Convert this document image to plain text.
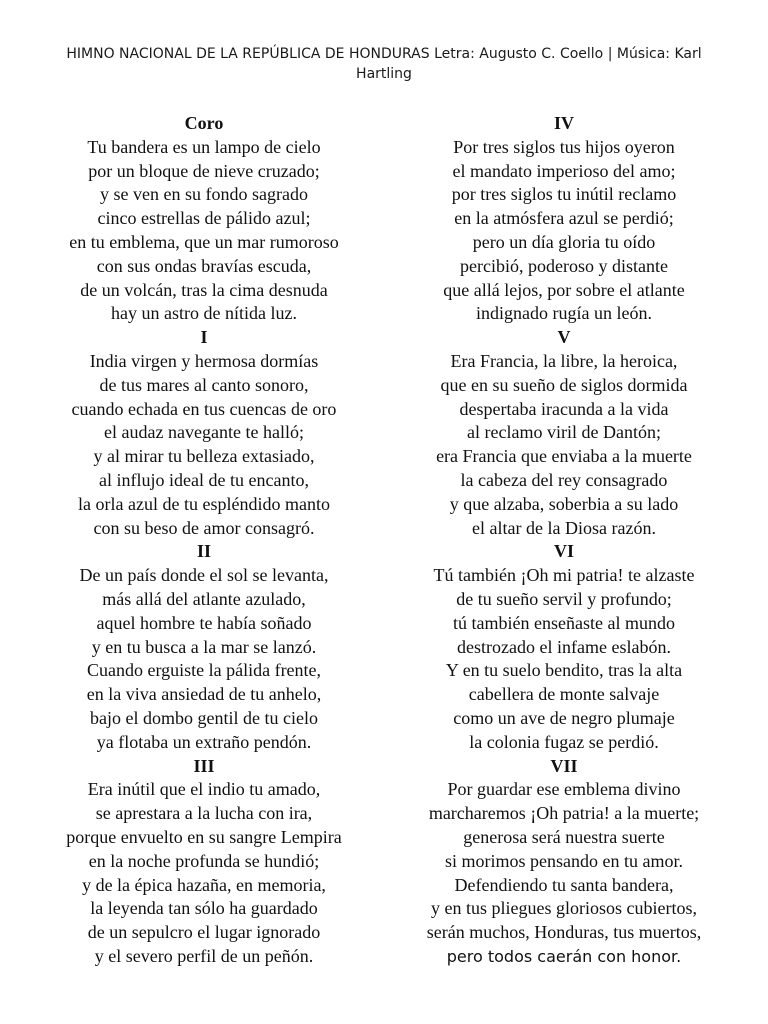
HIMNO NACIONAL DE LA REPÚBLICA DE HONDURAS Letra: Augusto C. Coello | Música: Karl Hartling
Coro
Tu bandera es un lampo de cielo
por un bloque de nieve cruzado;
y se ven en su fondo sagrado
cinco estrellas de pálido azul;
en tu emblema, que un mar rumoroso
con sus ondas bravías escuda,
de un volcán, tras la cima desnuda
hay un astro de nítida luz.
I
India virgen y hermosa dormías
de tus mares al canto sonoro,
cuando echada en tus cuencas de oro
el audaz navegante te halló;
y al mirar tu belleza extasiado,
al influjo ideal de tu encanto,
la orla azul de tu espléndido manto
con su beso de amor consagró.
II
De un país donde el sol se levanta,
más allá del atlante azulado,
aquel hombre te había soñado
y en tu busca a la mar se lanzó.
Cuando erguiste la pálida frente,
en la viva ansiedad de tu anhelo,
bajo el dombo gentil de tu cielo
ya flotaba un extraño pendón.
III
Era inútil que el indio tu amado,
se aprestara a la lucha con ira,
porque envuelto en su sangre Lempira
en la noche profunda se hundió;
y de la épica hazaña, en memoria,
la leyenda tan sólo ha guardado
de un sepulcro el lugar ignorado
y el severo perfil de un peñón.
IV
Por tres siglos tus hijos oyeron
el mandato imperioso del amo;
por tres siglos tu inútil reclamo
en la atmósfera azul se perdió;
pero un día gloria tu oído
percibió, poderoso y distante
que allá lejos, por sobre el atlante
indignado rugía un león.
V
Era Francia, la libre, la heroica,
que en su sueño de siglos dormida
despertaba iracunda a la vida
al reclamo viril de Dantón;
era Francia que enviaba a la muerte
la cabeza del rey consagrado
y que alzaba, soberbia a su lado
el altar de la Diosa razón.
VI
Tú también ¡Oh mi patria! te alzaste
de tu sueño servil y profundo;
tú también enseñaste al mundo
destrozado el infame eslabón.
Y en tu suelo bendito, tras la alta
cabellera de monte salvaje
como un ave de negro plumaje
la colonia fugaz se perdió.
VII
Por guardar ese emblema divino
marcharemos ¡Oh patria! a la muerte;
generosa será nuestra suerte
si morimos pensando en tu amor.
Defendiendo tu santa bandera,
y en tus pliegues gloriosos cubiertos,
serán muchos, Honduras, tus muertos,
pero todos caerán con honor.
